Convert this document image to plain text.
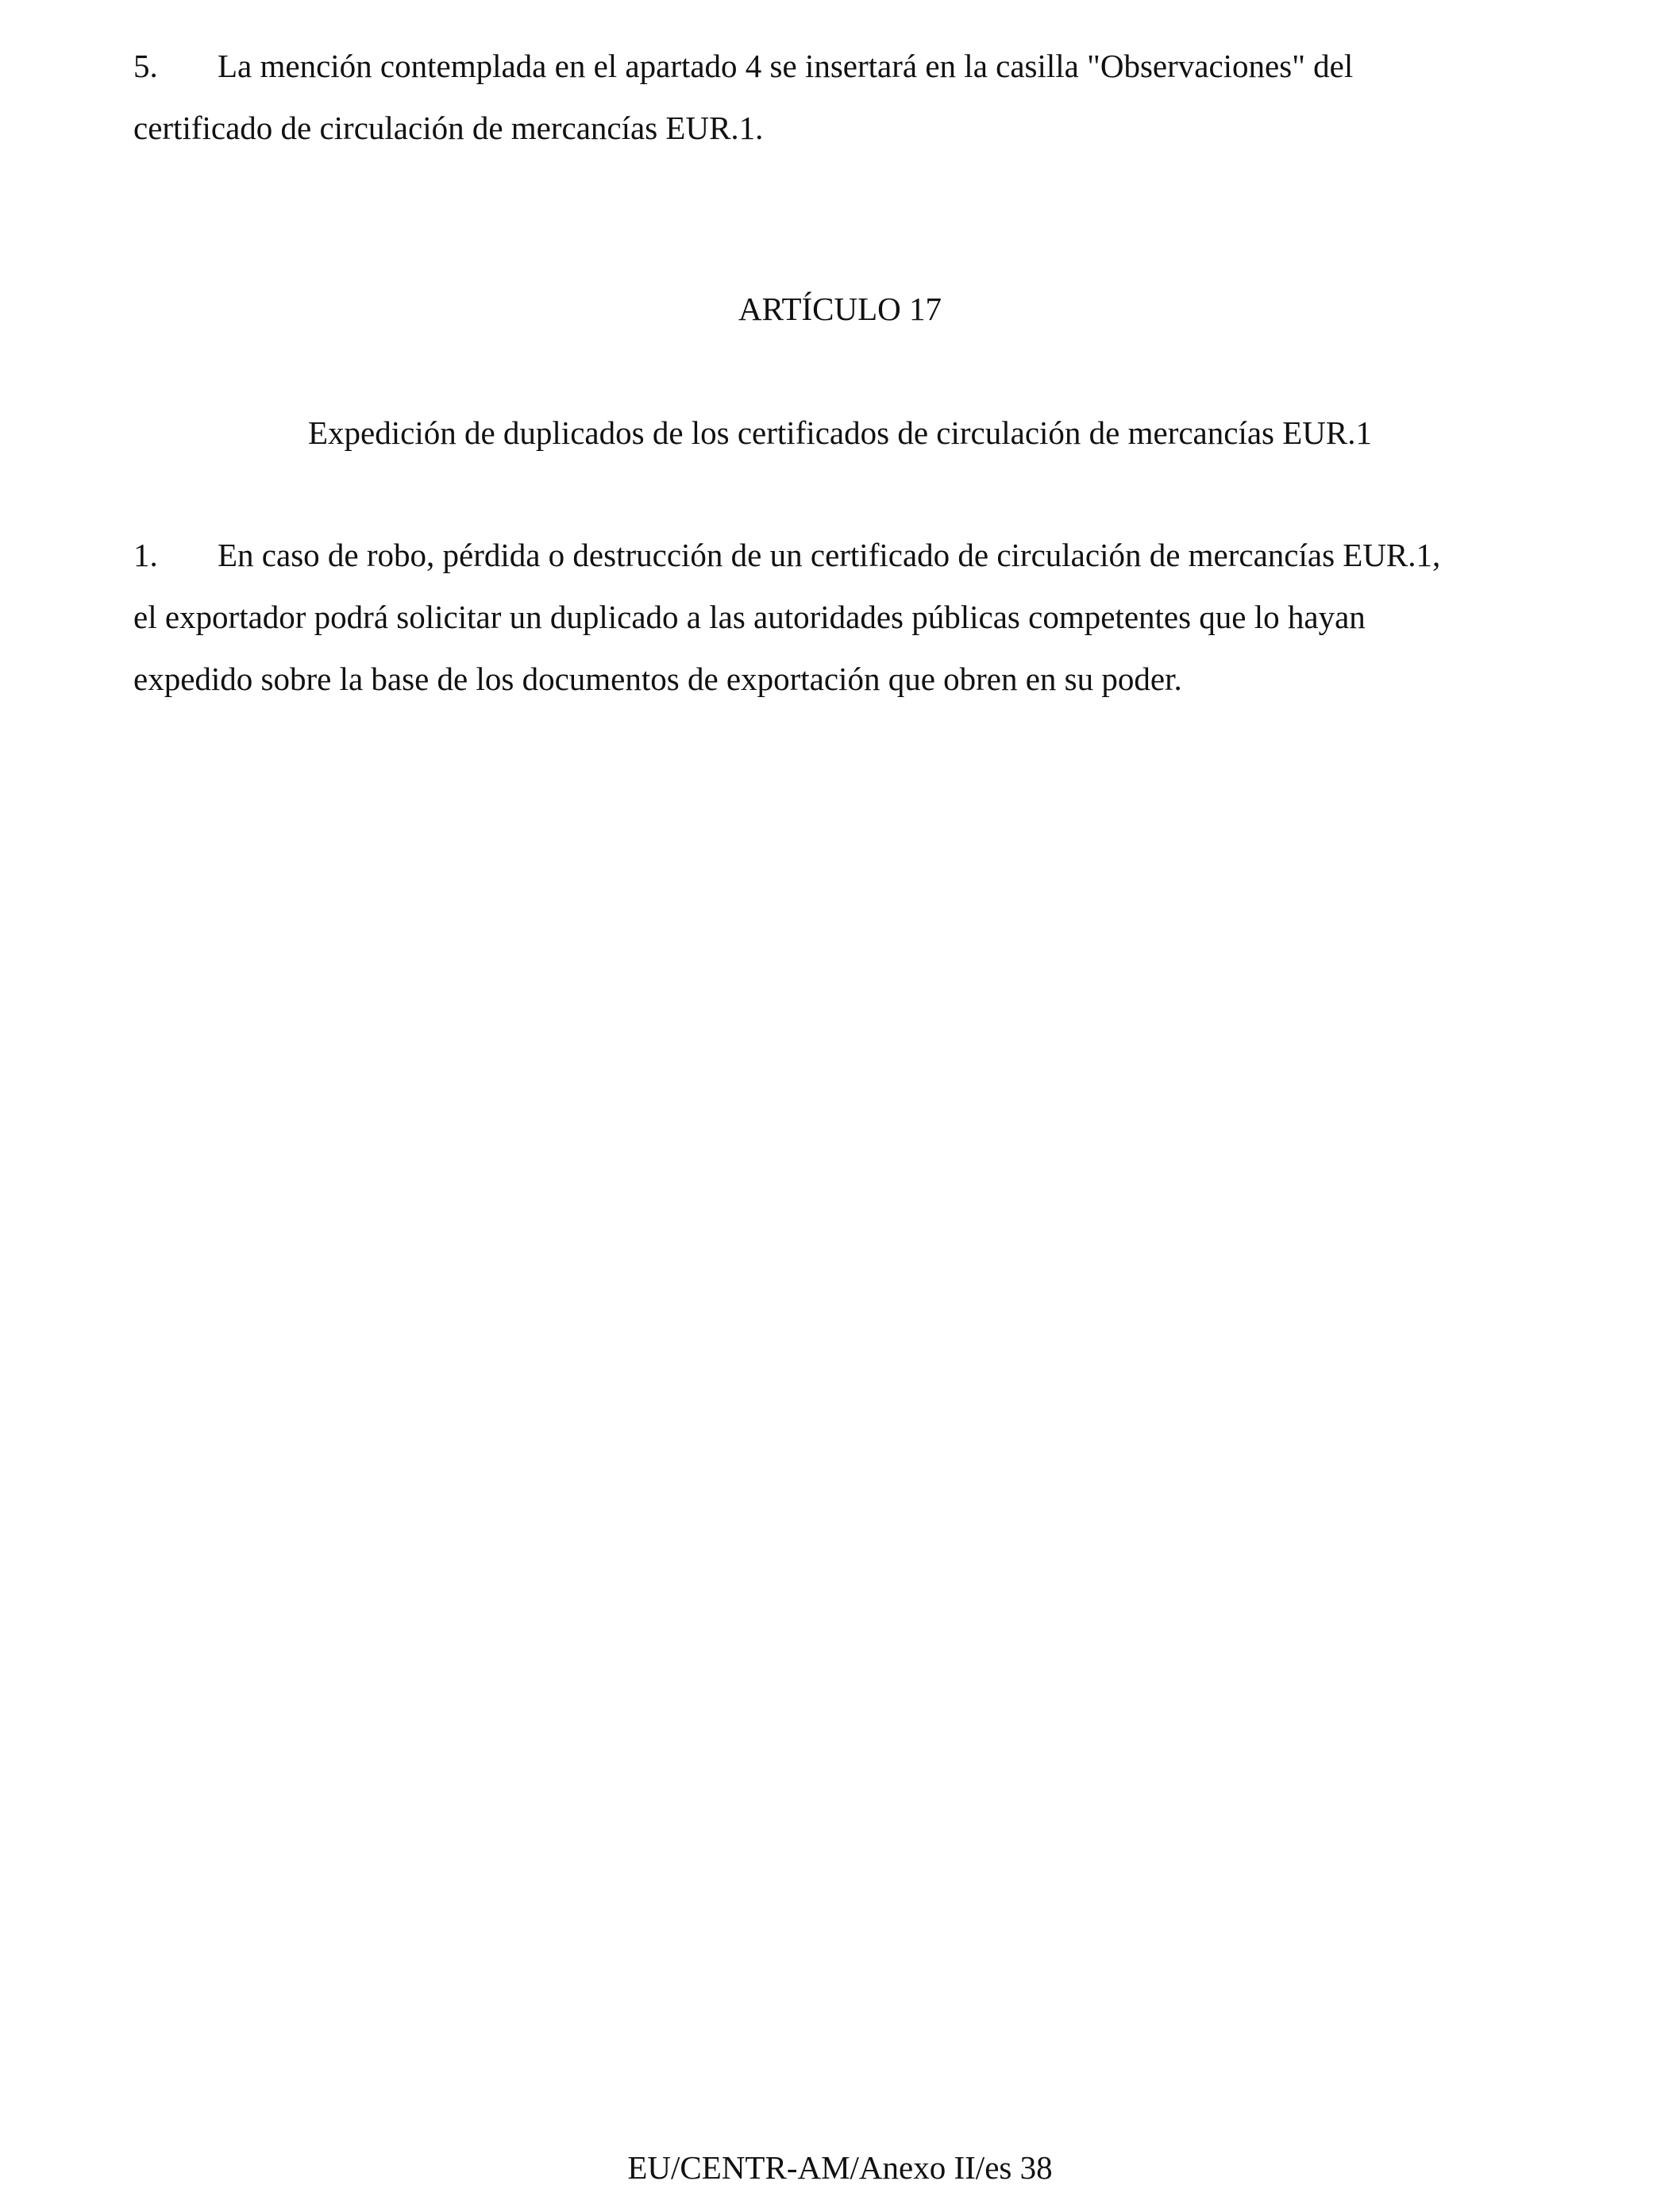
5. La mención contemplada en el apartado 4 se insertará en la casilla "Observaciones" del
certificado de circulación de mercancías EUR.1.
ARTÍCULO 17
Expedición de duplicados de los certificados de circulación de mercancías EUR.1
1. En caso de robo, pérdida o destrucción de un certificado de circulación de mercancías EUR.1,
el exportador podrá solicitar un duplicado a las autoridades públicas competentes que lo hayan
expedido sobre la base de los documentos de exportación que obren en su poder.
EU/CENTR-AM/Anexo II/es 38
